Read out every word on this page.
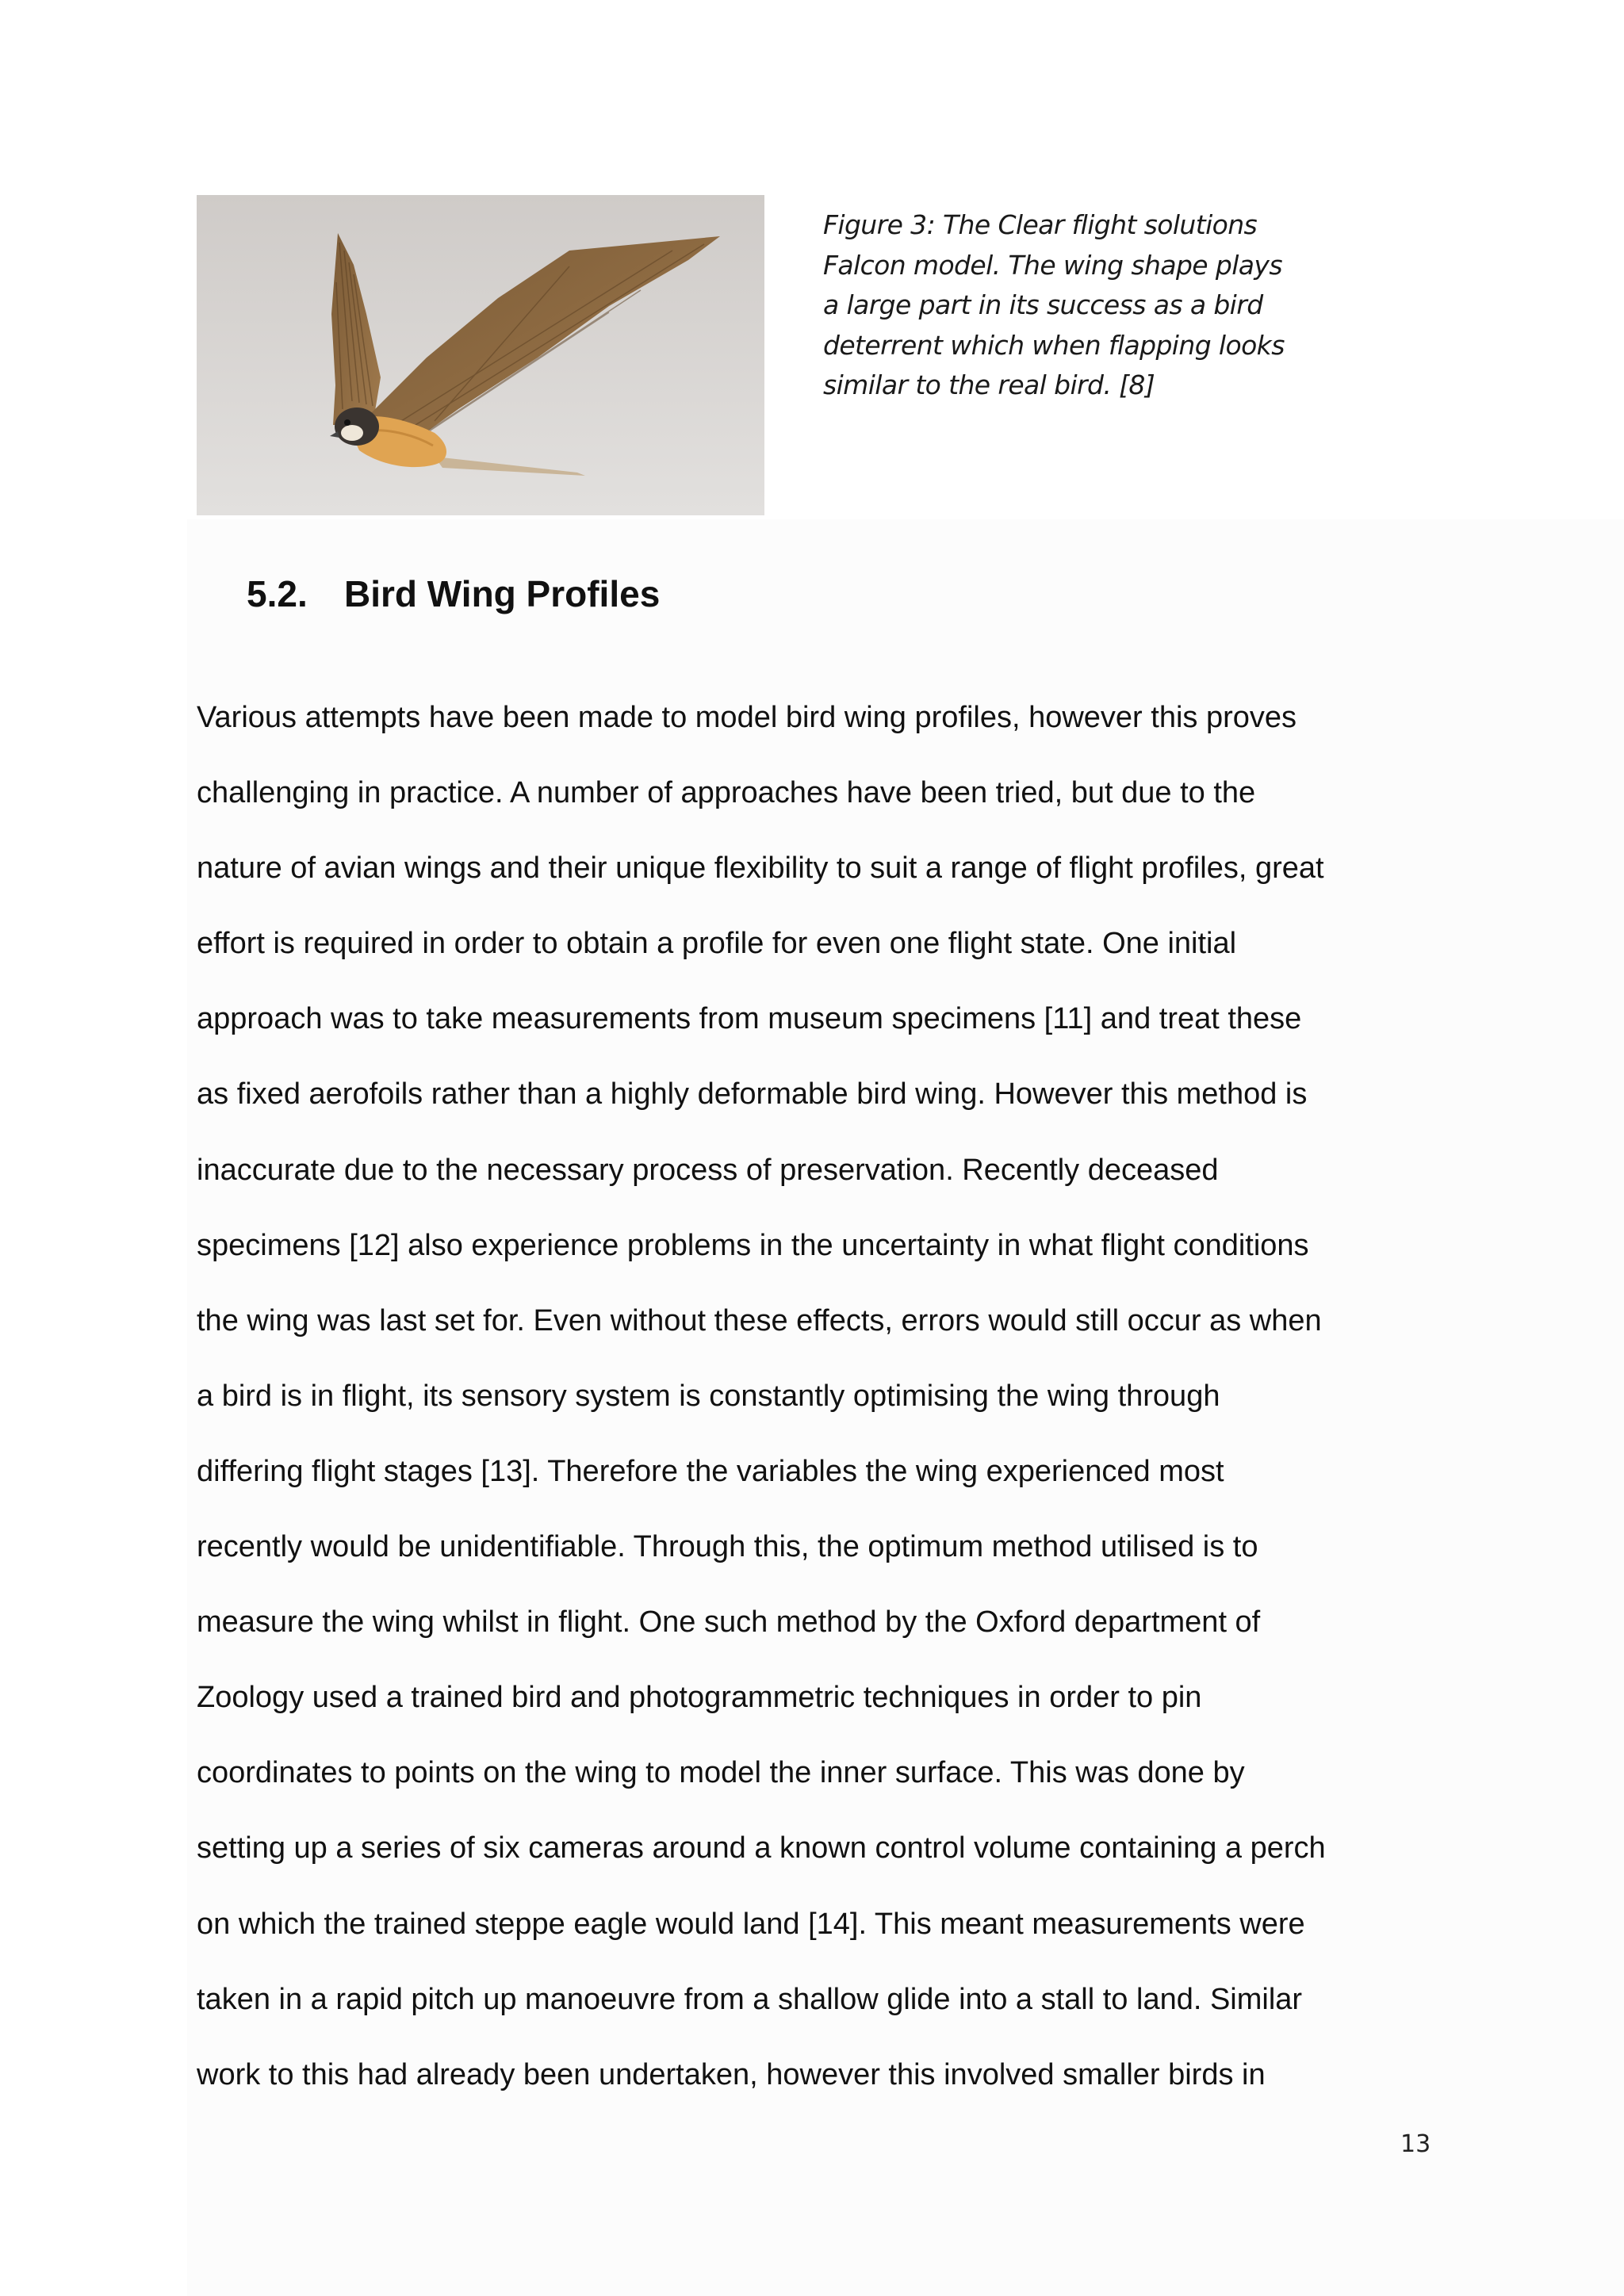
Figure 3: The Clear flight solutions
Falcon model. The wing shape plays
a large part in its success as a bird
deterrent which when flapping looks
similar to the real bird. [8]
5.2. Bird Wing Profiles
Various attempts have been made to model bird wing profiles, however this proves
challenging in practice. A number of approaches have been tried, but due to the
nature of avian wings and their unique flexibility to suit a range of flight profiles, great
effort is required in order to obtain a profile for even one flight state. One initial
approach was to take measurements from museum specimens [11] and treat these
as fixed aerofoils rather than a highly deformable bird wing. However this method is
inaccurate due to the necessary process of preservation. Recently deceased
specimens [12] also experience problems in the uncertainty in what flight conditions
the wing was last set for. Even without these effects, errors would still occur as when
a bird is in flight, its sensory system is constantly optimising the wing through
differing flight stages [13]. Therefore the variables the wing experienced most
recently would be unidentifiable. Through this, the optimum method utilised is to
measure the wing whilst in flight. One such method by the Oxford department of
Zoology used a trained bird and photogrammetric techniques in order to pin
coordinates to points on the wing to model the inner surface. This was done by
setting up a series of six cameras around a known control volume containing a perch
on which the trained steppe eagle would land [14]. This meant measurements were
taken in a rapid pitch up manoeuvre from a shallow glide into a stall to land. Similar
work to this had already been undertaken, however this involved smaller birds in
13
